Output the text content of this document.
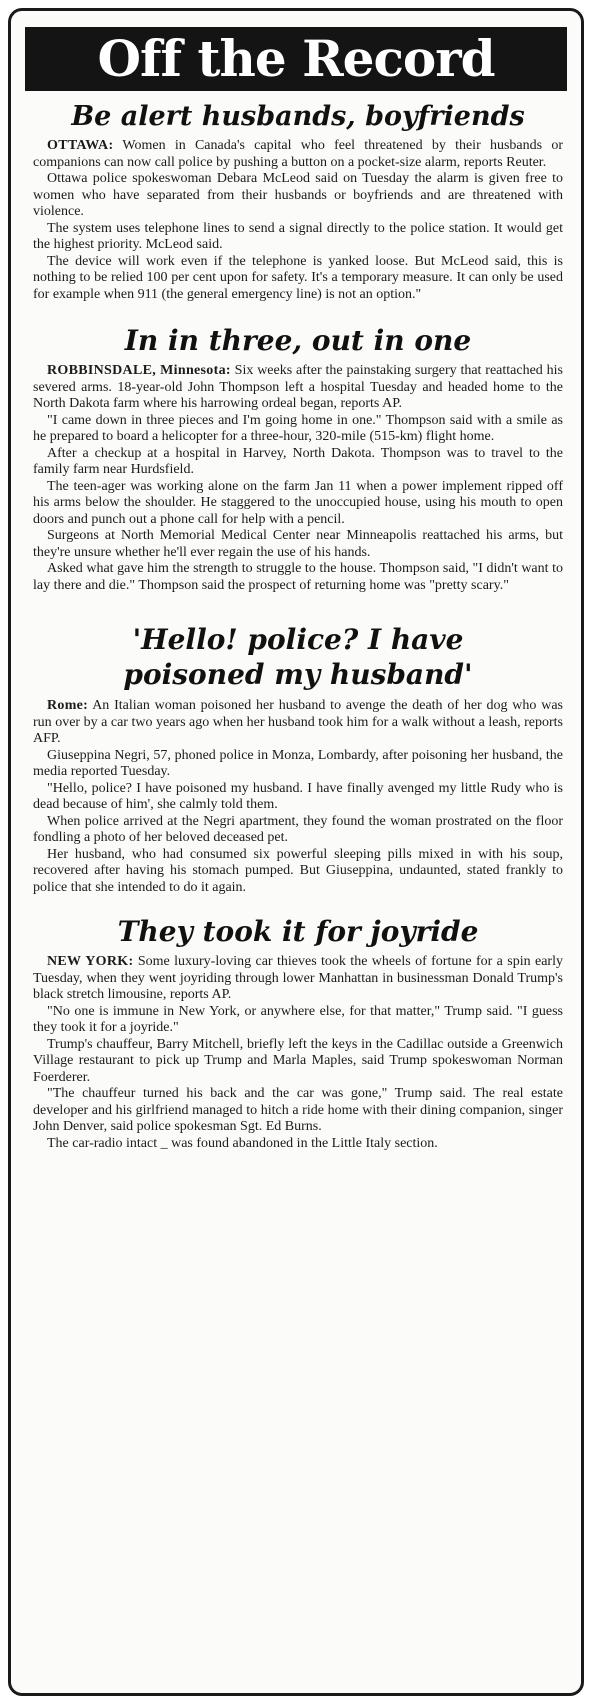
Off the Record
Be alert husbands, boyfriends

OTTAWA: Women in Canada's capital who feel threatened by their husbands or companions can now call police by pushing a button on a pocket-size alarm, reports Reuter.

Ottawa police spokeswoman Debara McLeod said on Tuesday the alarm is given free to women who have separated from their husbands or boyfriends and are threatened with violence.

The system uses telephone lines to send a signal directly to the police station. It would get the highest priority. McLeod said.

The device will work even if the telephone is yanked loose. But McLeod said, this is nothing to be relied 100 per cent upon for safety. It's a temporary measure. It can only be used for example when 911 (the general emergency line) is not an option."

In in three, out in one

ROBBINSDALE, Minnesota: Six weeks after the painstaking surgery that reattached his severed arms. 18-year-old John Thompson left a hospital Tuesday and headed home to the North Dakota farm where his harrowing ordeal began, reports AP.

"I came down in three pieces and I'm going home in one." Thompson said with a smile as he prepared to board a helicopter for a three-hour, 320-mile (515-km) flight home.

After a checkup at a hospital in Harvey, North Dakota. Thompson was to travel to the family farm near Hurdsfield.

The teen-ager was working alone on the farm Jan 11 when a power implement ripped off his arms below the shoulder. He staggered to the unoccupied house, using his mouth to open doors and punch out a phone call for help with a pencil.

Surgeons at North Memorial Medical Center near Minneapolis reattached his arms, but they're unsure whether he'll ever regain the use of his hands.

Asked what gave him the strength to struggle to the house. Thompson said, "I didn't want to lay there and die." Thompson said the prospect of returning home was "pretty scary."

'Hello! police? I have
poisoned my husband'

Rome: An Italian woman poisoned her husband to avenge the death of her dog who was run over by a car two years ago when her husband took him for a walk without a leash, reports AFP.

Giuseppina Negri, 57, phoned police in Monza, Lombardy, after poisoning her husband, the media reported Tuesday.

"Hello, police? I have poisoned my husband. I have finally avenged my little Rudy who is dead because of him', she calmly told them.

When police arrived at the Negri apartment, they found the woman prostrated on the floor fondling a photo of her beloved deceased pet.

Her husband, who had consumed six powerful sleeping pills mixed in with his soup, recovered after having his stomach pumped. But Giuseppina, undaunted, stated frankly to police that she intended to do it again.

They took it for joyride

NEW YORK: Some luxury-loving car thieves took the wheels of fortune for a spin early Tuesday, when they went joyriding through lower Manhattan in businessman Donald Trump's black stretch limousine, reports AP.

"No one is immune in New York, or anywhere else, for that matter," Trump said. "I guess they took it for a joyride."

Trump's chauffeur, Barry Mitchell, briefly left the keys in the Cadillac outside a Greenwich Village restaurant to pick up Trump and Marla Maples, said Trump spokeswoman Norman Foerderer.

"The chauffeur turned his back and the car was gone," Trump said. The real estate developer and his girlfriend managed to hitch a ride home with their dining companion, singer John Denver, said police spokesman Sgt. Ed Burns.

The car-radio intact _ was found abandoned in the Little Italy section.
